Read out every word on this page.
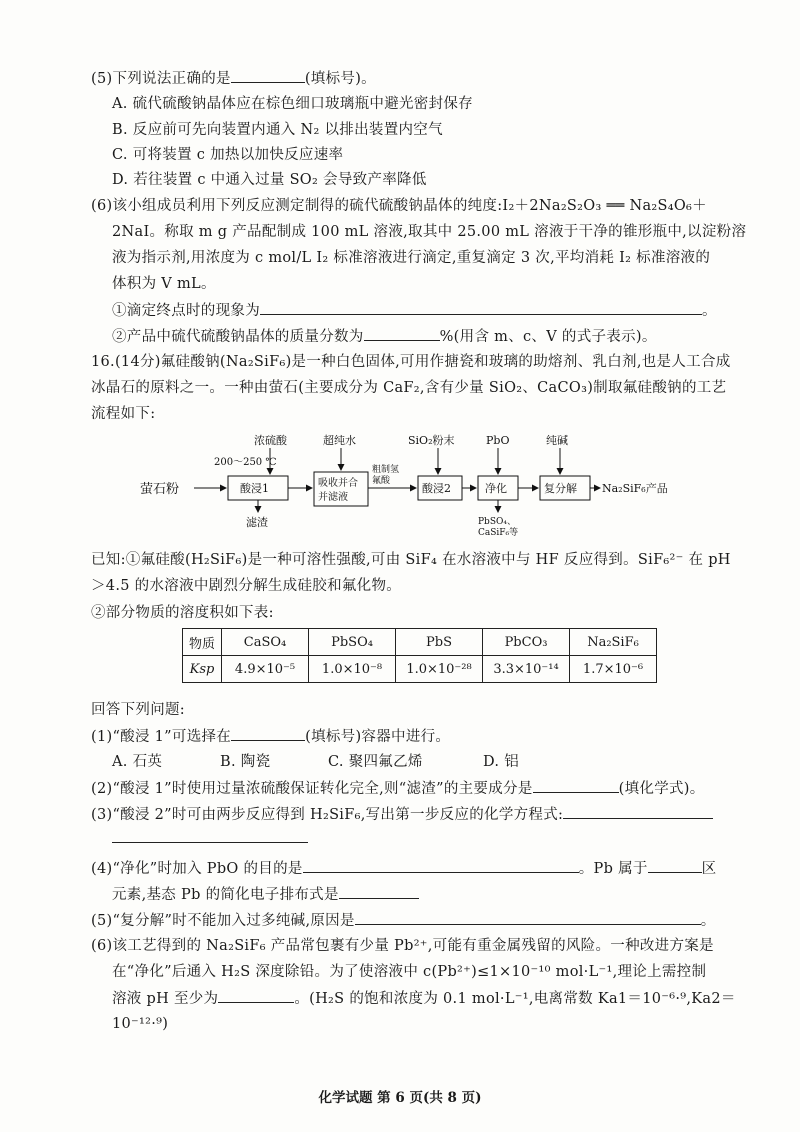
(5)下列说法正确的是	(填标号)。
A. 硫代硫酸钠晶体应在棕色细口玻璃瓶中避光密封保存
B. 反应前可先向装置内通入 N₂ 以排出装置内空气
C. 可将装置 c 加热以加快反应速率
D. 若往装置 c 中通入过量 SO₂ 会导致产率降低
(6)该小组成员利用下列反应测定制得的硫代硫酸钠晶体的纯度:I₂＋2Na₂S₂O₃ ══ Na₂S₄O₆＋
2NaI。称取 m g 产品配制成 100 mL 溶液,取其中 25.00 mL 溶液于干净的锥形瓶中,以淀粉溶
液为指示剂,用浓度为 c mol/L I₂ 标准溶液进行滴定,重复滴定 3 次,平均消耗 I₂ 标准溶液的
体积为 V mL。
①滴定终点时的现象为	。
②产品中硫代硫酸钠晶体的质量分数为	%(用含 m、c、V 的式子表示)。
16.(14分)氟硅酸钠(Na₂SiF₆)是一种白色固体,可用作搪瓷和玻璃的助熔剂、乳白剂,也是人工合成
冰晶石的原料之一。一种由萤石(主要成分为 CaF₂,含有少量 SiO₂、CaCO₃)制取氟硅酸钠的工艺
流程如下:
萤石粉
浓硫酸
200～250 ℃
酸浸1
滤渣
超纯水
吸收并合
并滤液
粗制氢
氟酸
SiO₂粉末
酸浸2
PbO
净化
PbSO₄、
CaSiF₆等
纯碱
复分解 Na₂SiF₆产品
已知:①氟硅酸(H₂SiF₆)是一种可溶性强酸,可由 SiF₄ 在水溶液中与 HF 反应得到。SiF₆²⁻ 在 pH
＞4.5 的水溶液中剧烈分解生成硅胶和氟化物。
②部分物质的溶度积如下表:
物质	CaSO₄	PbSO₄	PbS	PbCO₃	Na₂SiF₆
Ksp	4.9×10⁻⁵	1.0×10⁻⁸	1.0×10⁻²⁸	3.3×10⁻¹⁴	1.7×10⁻⁶
回答下列问题:
(1)“酸浸 1”可选择在	(填标号)容器中进行。
A. 石英	B. 陶瓷	C. 聚四氟乙烯	D. 铝
(2)“酸浸 1”时使用过量浓硫酸保证转化完全,则“滤渣”的主要成分是	(填化学式)。
(3)“酸浸 2”时可由两步反应得到 H₂SiF₆,写出第一步反应的化学方程式:
(4)“净化”时加入 PbO 的目的是	。Pb 属于	区
元素,基态 Pb 的简化电子排布式是
(5)“复分解”时不能加入过多纯碱,原因是	。
(6)该工艺得到的 Na₂SiF₆ 产品常包裹有少量 Pb²⁺,可能有重金属残留的风险。一种改进方案是
在“净化”后通入 H₂S 深度除铅。为了使溶液中 c(Pb²⁺)≤1×10⁻¹⁰ mol·L⁻¹,理论上需控制
溶液 pH 至少为	。(H₂S 的饱和浓度为 0.1 mol·L⁻¹,电离常数 Ka1＝10⁻⁶·⁹,Ka2＝
10⁻¹²·⁹)
化学试题 第 6 页(共 8 页)
